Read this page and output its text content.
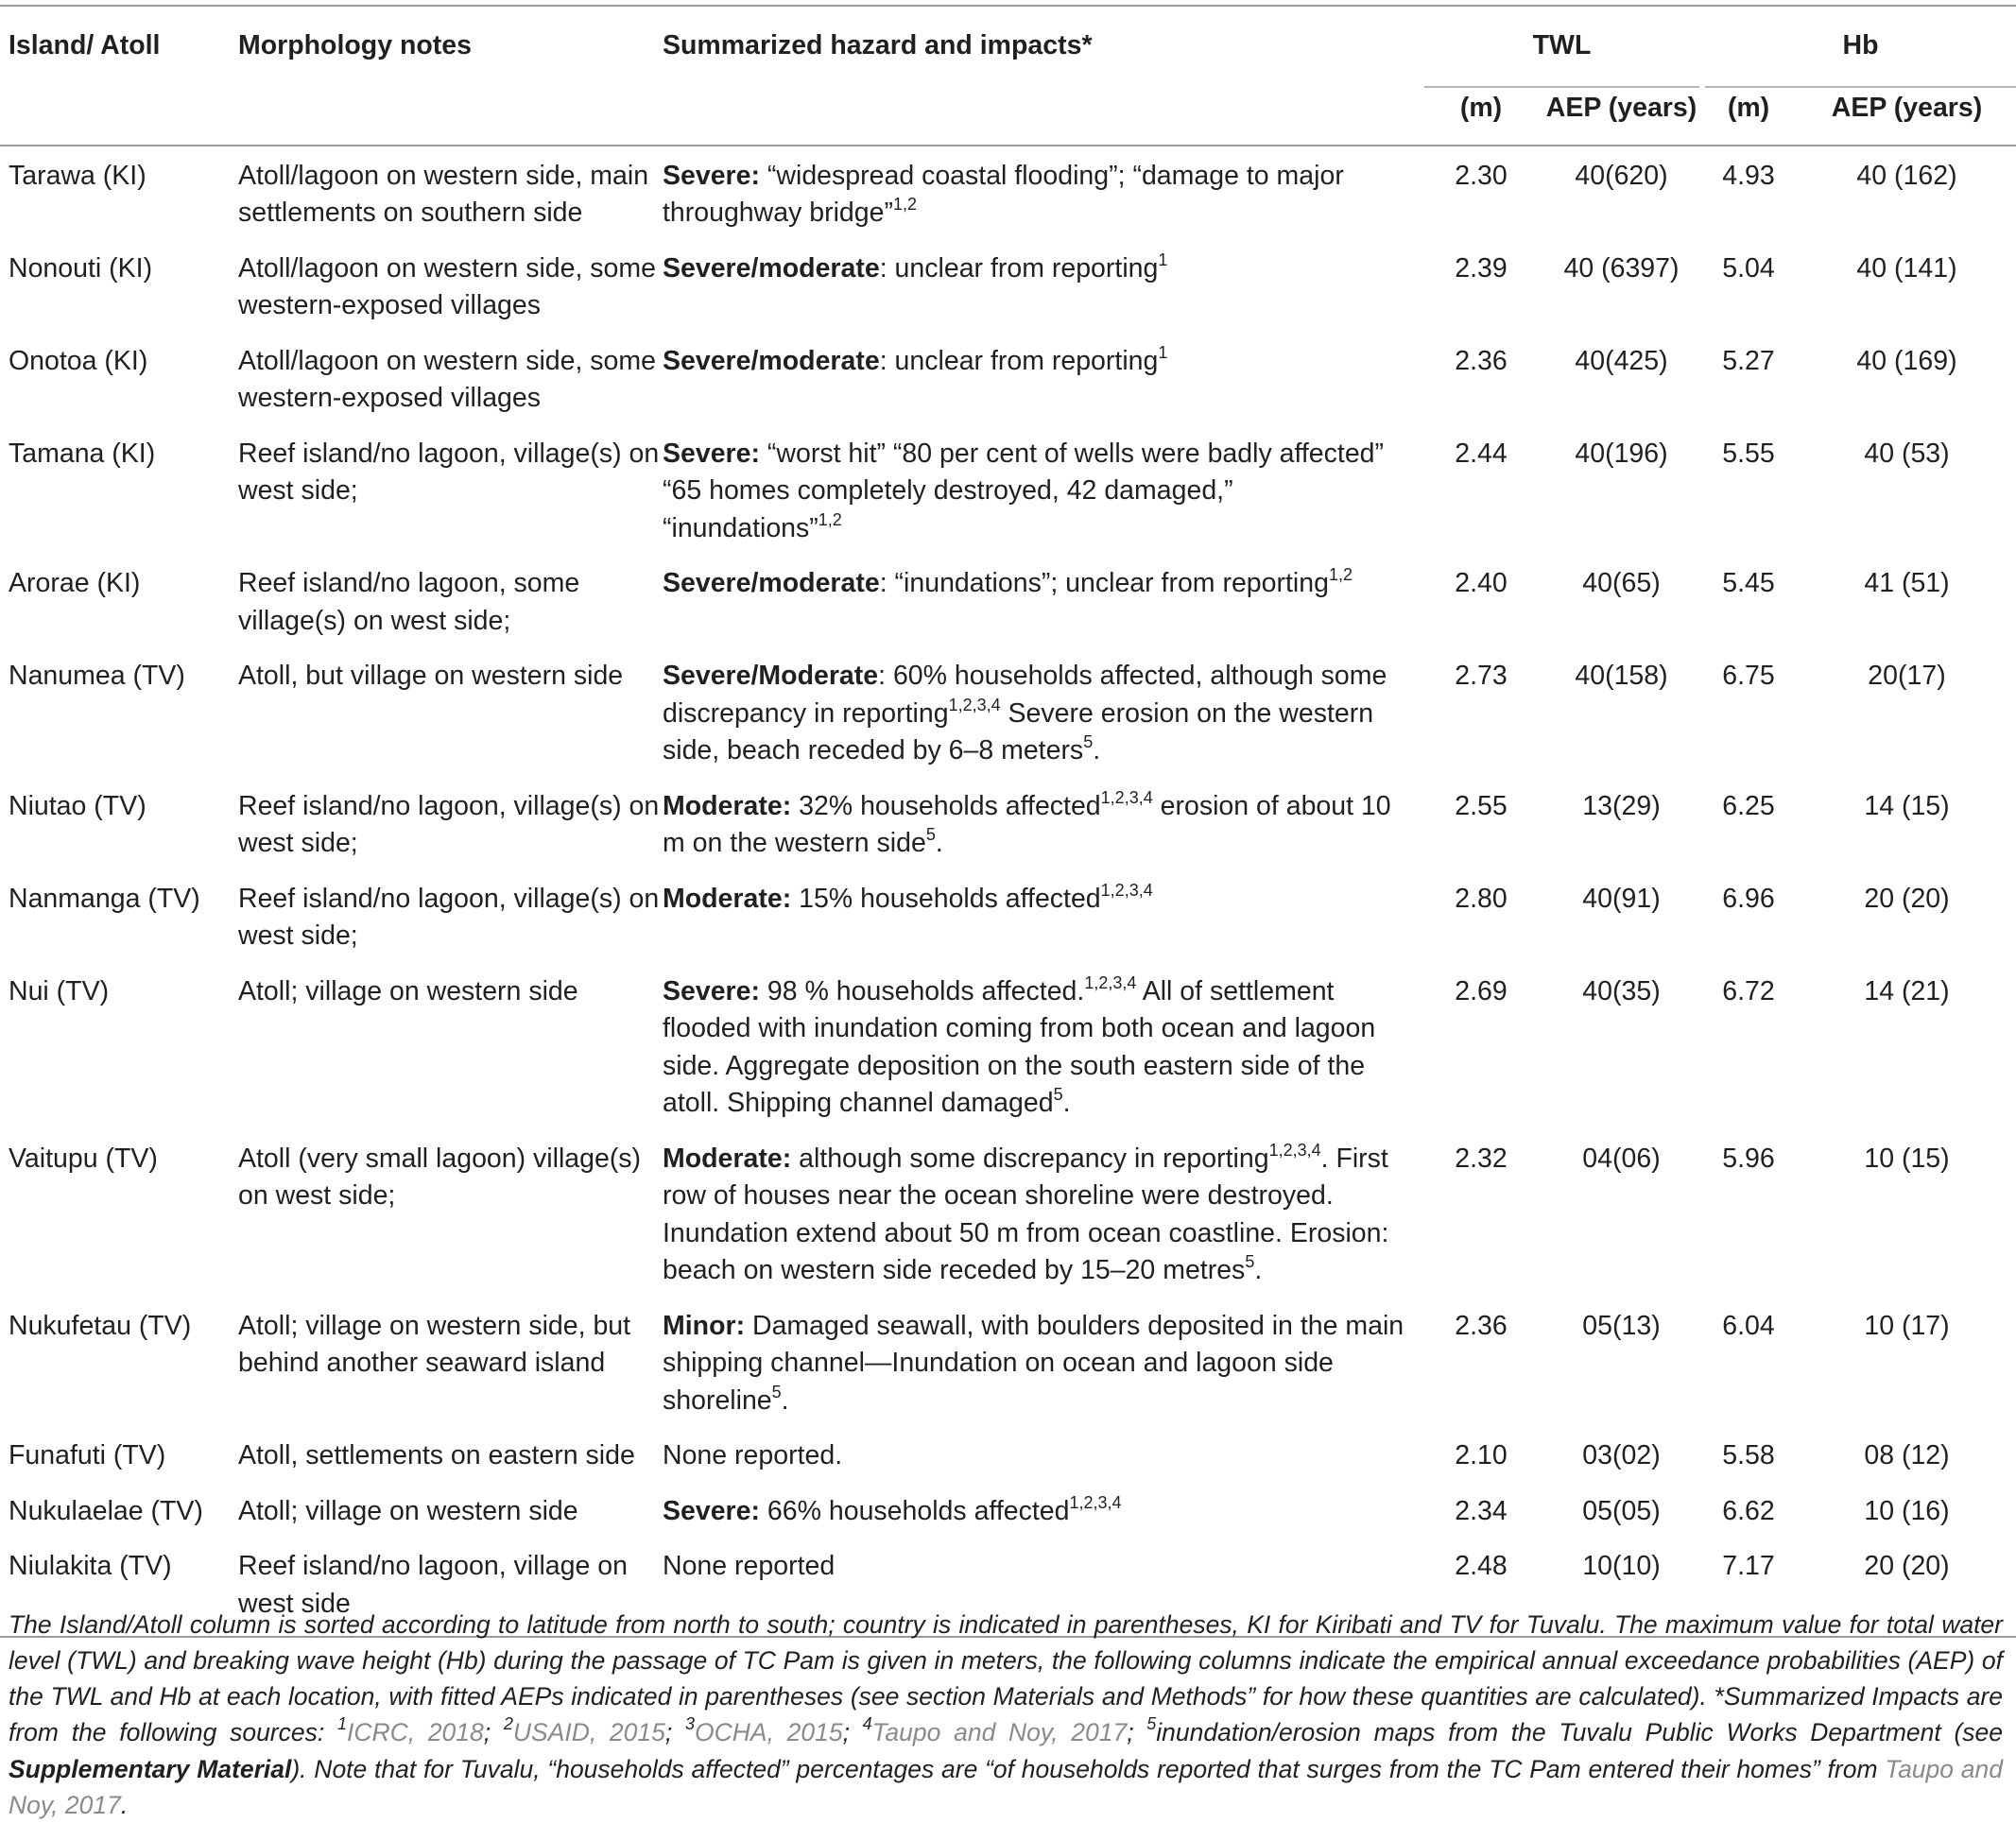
Island/ Atoll	Morphology notes	Summarized hazard and impacts*	TWL		Hb	

			(m)	AEP (years)	(m)	AEP (years)
Tarawa (KI)	Atoll/lagoon on western side, main settlements on southern side	Severe: “widespread coastal flooding”; “damage to major throughway bridge”$^{1,2}$	2.30	40(620)	4.93	40 (162)
Nonouti (KI)	Atoll/lagoon on western side, some western-exposed villages	Severe/moderate: unclear from reporting$^1$	2.39	40 (6397)	5.04	40 (141)
Onotoa (KI)	Atoll/lagoon on western side, some western-exposed villages	Severe/moderate: unclear from reporting$^1$	2.36	40(425)	5.27	40 (169)
Tamana (KI)	Reef island/no lagoon, village(s) on west side;	Severe: “worst hit” “80 per cent of wells were badly affected” “65 homes completely destroyed, 42 damaged,” “inundations”$^{1,2}$	2.44	40(196)	5.55	40 (53)
Arorae (KI)	Reef island/no lagoon, some village(s) on west side;	Severe/moderate: “inundations”; unclear from reporting$^{1,2}$	2.40	40(65)	5.45	41 (51)
Nanumea (TV)	Atoll, but village on western side	Severe/Moderate: 60% households affected, although some discrepancy in reporting$^{1,2,3,4}$ Severe erosion on the western side, beach receded by 6–8 meters$^5$.	2.73	40(158)	6.75	20(17)
Niutao (TV)	Reef island/no lagoon, village(s) on west side;	Moderate: 32% households affected$^{1,2,3,4}$ erosion of about 10 m on the western side$^5$.	2.55	13(29)	6.25	14 (15)
Nanmanga (TV)	Reef island/no lagoon, village(s) on west side;	Moderate: 15% households affected$^{1,2,3,4}$	2.80	40(91)	6.96	20 (20)
Nui (TV)	Atoll; village on western side	Severe: 98 % households affected.$^{1,2,3,4}$ All of settlement flooded with inundation coming from both ocean and lagoon side. Aggregate deposition on the south eastern side of the atoll. Shipping channel damaged$^5$.	2.69	40(35)	6.72	14 (21)
Vaitupu (TV)	Atoll (very small lagoon) village(s) on west side;	Moderate: although some discrepancy in reporting$^{1,2,3,4}$. First row of houses near the ocean shoreline were destroyed. Inundation extend about 50 m from ocean coastline. Erosion: beach on western side receded by 15–20 metres$^5$.	2.32	04(06)	5.96	10 (15)
Nukufetau (TV)	Atoll; village on western side, but behind another seaward island	Minor: Damaged seawall, with boulders deposited in the main shipping channel—Inundation on ocean and lagoon side shoreline$^5$.	2.36	05(13)	6.04	10 (17)
Funafuti (TV)	Atoll, settlements on eastern side	None reported.	2.10	03(02)	5.58	08 (12)
Nukulaelae (TV)	Atoll; village on western side	Severe: 66% households affected$^{1,2,3,4}$	2.34	05(05)	6.62	10 (16)
Niulakita (TV)	Reef island/no lagoon, village on west side	None reported	2.48	10(10)	7.17	20 (20)

The Island/Atoll column is sorted according to latitude from north to south; country is indicated in parentheses, KI for Kiribati and TV for Tuvalu. The maximum value for total water level (TWL) and breaking wave height (Hb) during the passage of TC Pam is given in meters, the following columns indicate the empirical annual exceedance probabilities (AEP) of the TWL and Hb at each location, with fitted AEPs indicated in parentheses (see section Materials and Methods” for how these quantities are calculated). *Summarized Impacts are from the following sources: $^1$ICRC, 2018; $^2$USAID, 2015; $^3$OCHA, 2015; $^4$Taupo and Noy, 2017; $^5$inundation/erosion maps from the Tuvalu Public Works Department (see Supplementary Material). Note that for Tuvalu, “households affected” percentages are “of households reported that surges from the TC Pam entered their homes” from Taupo and Noy, 2017.
